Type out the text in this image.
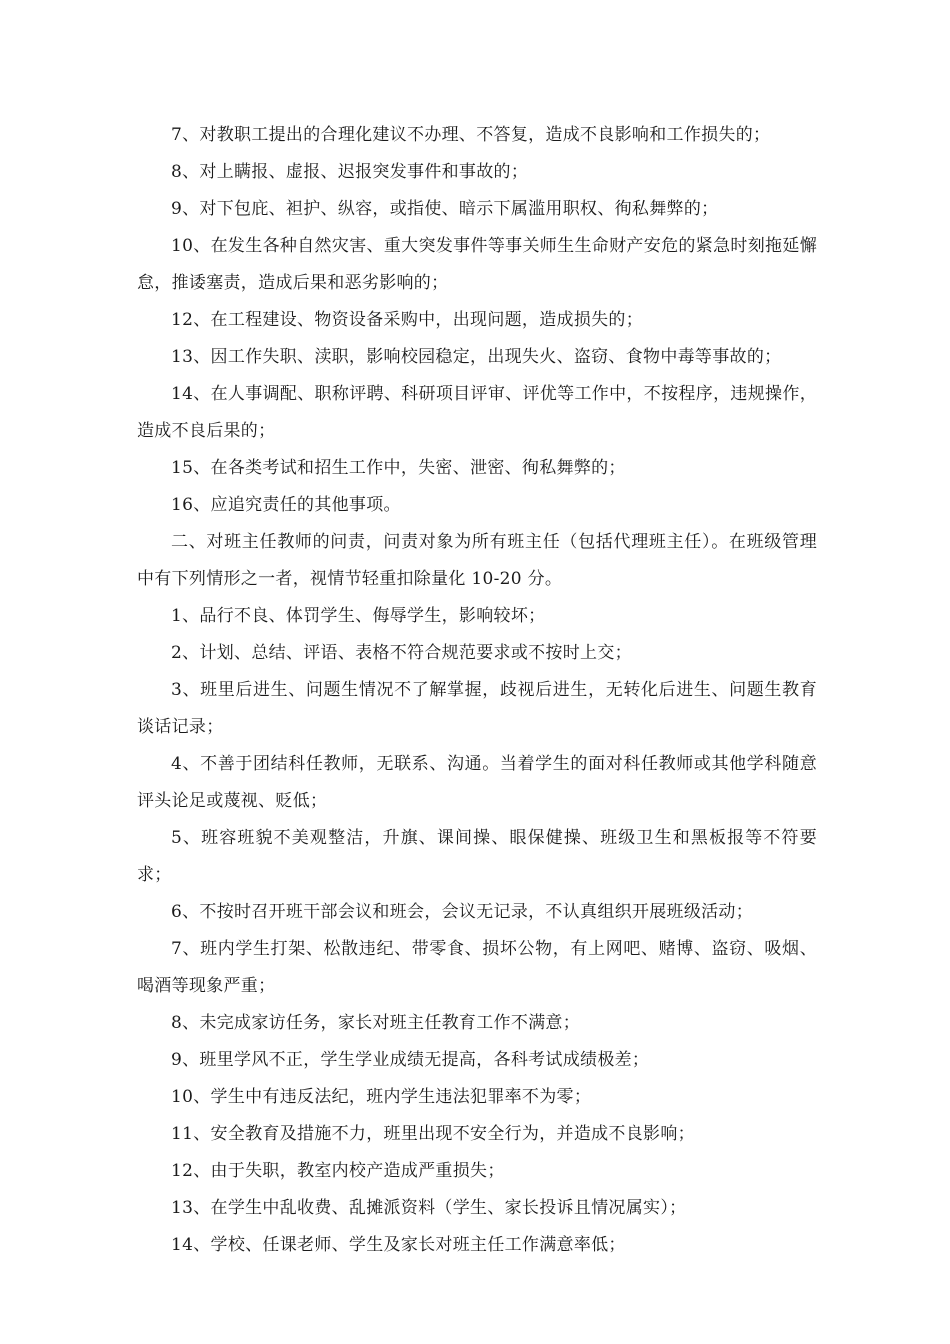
7、对教职工提出的合理化建议不办理、不答复，造成不良影响和工作损失的；

8、对上瞒报、虚报、迟报突发事件和事故的；

9、对下包庇、袒护、纵容，或指使、暗示下属滥用职权、徇私舞弊的；

10、在发生各种自然灾害、重大突发事件等事关师生生命财产安危的紧急时刻拖延懈怠，推诿塞责，造成后果和恶劣影响的；

12、在工程建设、物资设备采购中，出现问题，造成损失的；

13、因工作失职、渎职，影响校园稳定，出现失火、盗窃、食物中毒等事故的；

14、在人事调配、职称评聘、科研项目评审、评优等工作中，不按程序，违规操作，造成不良后果的；

15、在各类考试和招生工作中，失密、泄密、徇私舞弊的；

16、应追究责任的其他事项。

二、对班主任教师的问责，问责对象为所有班主任（包括代理班主任）。在班级管理中有下列情形之一者，视情节轻重扣除量化 10-20 分。

1、品行不良、体罚学生、侮辱学生，影响较坏；

2、计划、总结、评语、表格不符合规范要求或不按时上交；

3、班里后进生、问题生情况不了解掌握，歧视后进生，无转化后进生、问题生教育谈话记录；

4、不善于团结科任教师，无联系、沟通。当着学生的面对科任教师或其他学科随意评头论足或蔑视、贬低；

5、班容班貌不美观整洁，升旗、课间操、眼保健操、班级卫生和黑板报等不符要求；

6、不按时召开班干部会议和班会，会议无记录，不认真组织开展班级活动；

7、班内学生打架、松散违纪、带零食、损坏公物，有上网吧、赌博、盗窃、吸烟、喝酒等现象严重；

8、未完成家访任务，家长对班主任教育工作不满意；

9、班里学风不正，学生学业成绩无提高，各科考试成绩极差；

10、学生中有违反法纪，班内学生违法犯罪率不为零；

11、安全教育及措施不力，班里出现不安全行为，并造成不良影响；

12、由于失职，教室内校产造成严重损失；

13、在学生中乱收费、乱摊派资料（学生、家长投诉且情况属实）；

14、学校、任课老师、学生及家长对班主任工作满意率低；
